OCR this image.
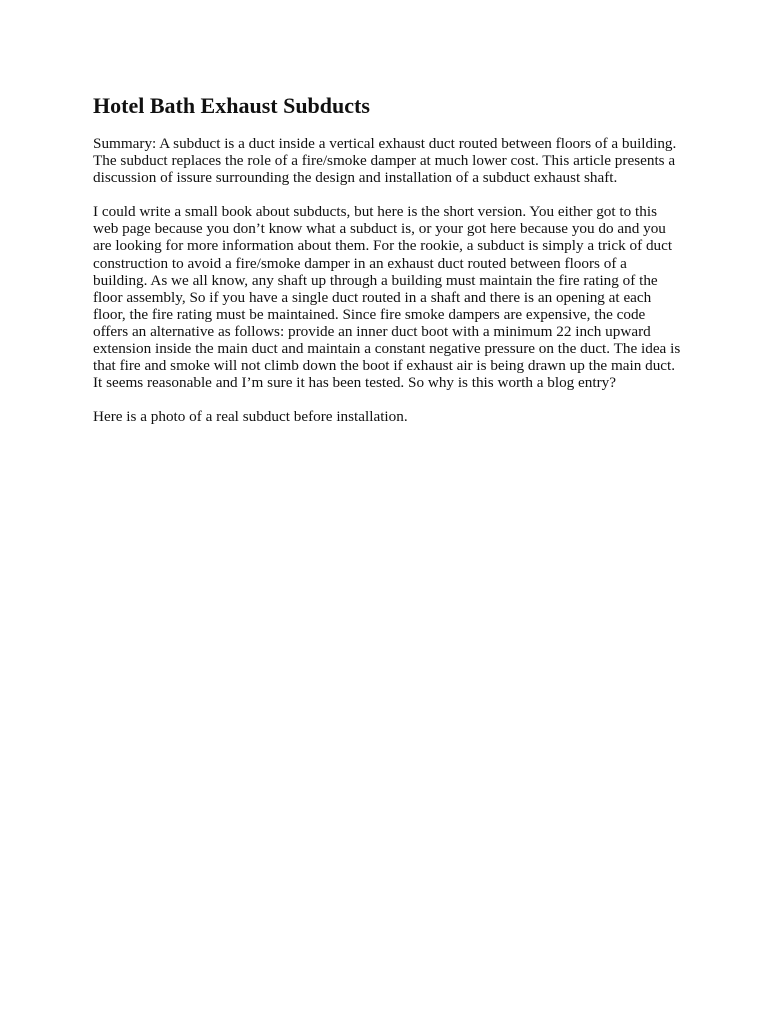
Hotel Bath Exhaust Subducts

Summary: A subduct is a duct inside a vertical exhaust duct routed between floors of a building. The subduct replaces the role of a fire/smoke damper at much lower cost. This article presents a discussion of issure surrounding the design and installation of a subduct exhaust shaft.

I could write a small book about subducts, but here is the short version. You either got to this web page because you don’t know what a subduct is, or your got here because you do and you are looking for more information about them. For the rookie, a subduct is simply a trick of duct construction to avoid a fire/smoke damper in an exhaust duct routed between floors of a building. As we all know, any shaft up through a building must maintain the fire rating of the floor assembly, So if you have a single duct routed in a shaft and there is an opening at each floor, the fire rating must be maintained. Since fire smoke dampers are expensive, the code offers an alternative as follows: provide an inner duct boot with a minimum 22 inch upward extension inside the main duct and maintain a constant negative pressure on the duct. The idea is that fire and smoke will not climb down the boot if exhaust air is being drawn up the main duct. It seems reasonable and I’m sure it has been tested. So why is this worth a blog entry?

Here is a photo of a real subduct before installation.
